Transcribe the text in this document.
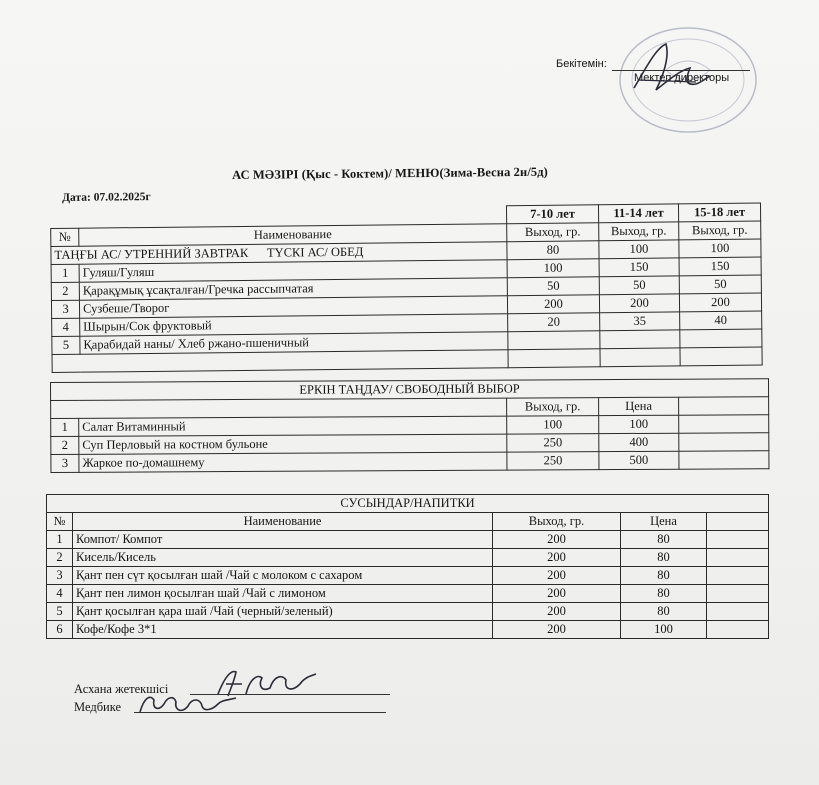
Бекітемін:
Мектеп директоры
АС МӘЗІРІ (Қыс - Коктем)/ МЕНЮ(Зима-Весна 2н/5д)
Дата: 07.02.2025г
		7-10 лет	11-14 лет	15-18 лет
№	Наименование	Выход, гр.	Выход, гр.	Выход, гр.
ТАҢҒЫ АС/ УТРЕННИЙ ЗАВТРАК      ТҮСКІ АС/ ОБЕД		80	100	100
1	Гуляш/Гуляш	100	150	150
2	Қарақұмық ұсақталған/Гречка рассыпчатая	50	50	50
3	Сузбеше/Творог	200	200	200
4	Шырын/Сок фруктовый	20	35	40
5	Қарабидай наны/ Хлеб ржано-пшеничный			

ЕРКІН ТАҢДАУ/ СВОБОДНЫЙ ВЫБОР				
		Выход, гр.	Цена	
1	Салат Витаминный	100	100	
2	Суп Перловый на костном бульоне	250	400	
3	Жаркое по-домашнему	250	500	
СУСЫНДАР/НАПИТКИ				
№	Наименование	Выход, гр.	Цена	
1	Компот/ Компот	200	80	
2	Кисель/Кисель	200	80	
3	Қант пен сүт қосылған шай /Чай с молоком с сахаром	200	80	
4	Қант пен лимон қосылған шай /Чай с лимоном	200	80	
5	Қант қосылған қара шай /Чай (черный/зеленый)	200	80	
6	Кофе/Кофе 3*1	200	100	
Асхана жетекшісі
Медбике
